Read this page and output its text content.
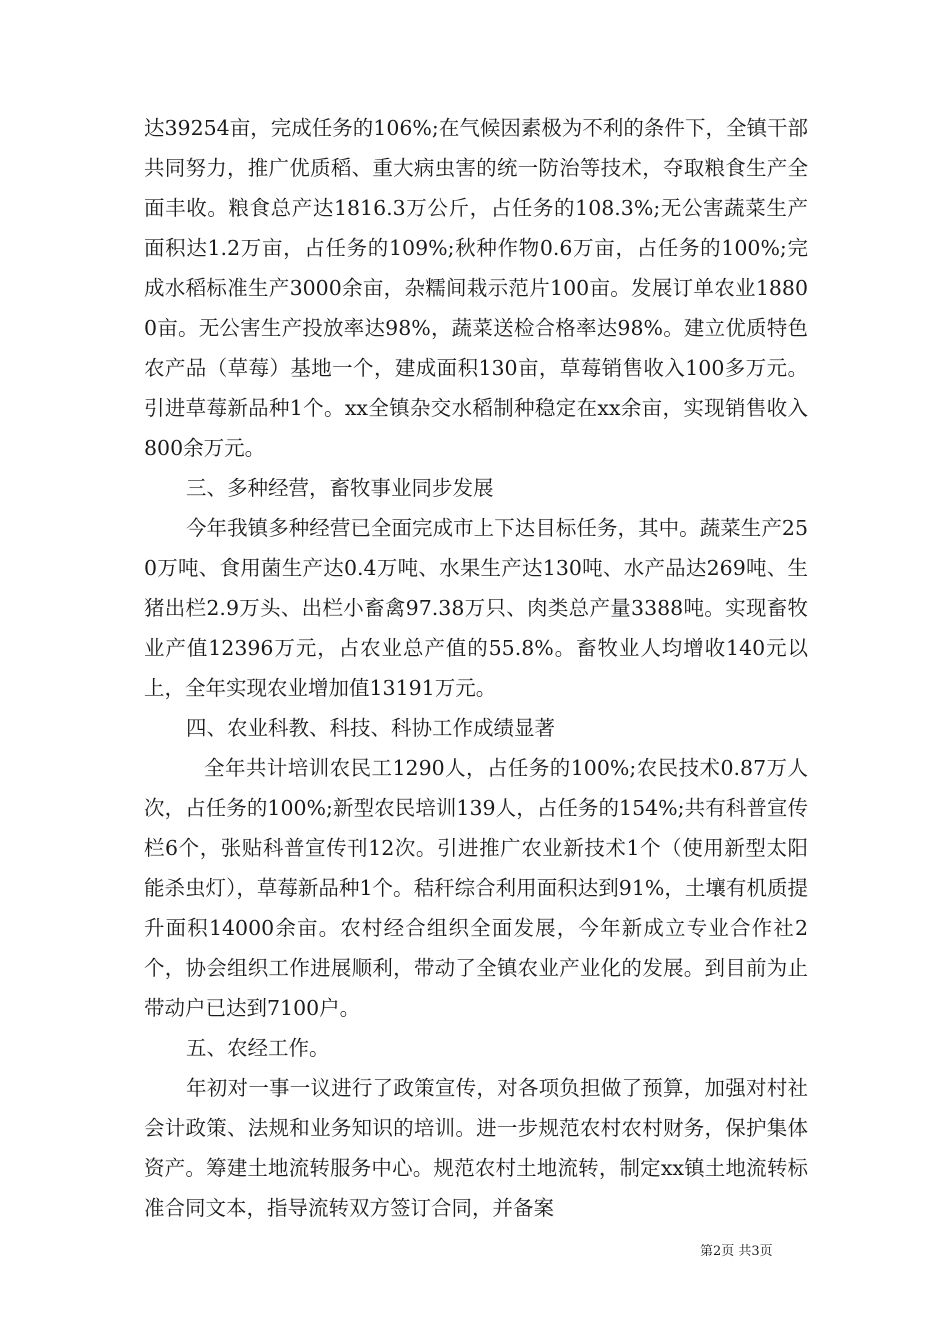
达39254亩，完成任务的106%;在气候因素极为不利的条件下，全镇干部共同努力，推广优质稻、重大病虫害的统一防治等技术，夺取粮食生产全面丰收。粮食总产达1816.3万公斤，占任务的108.3%;无公害蔬菜生产面积达1.2万亩，占任务的109%;秋种作物0.6万亩，占任务的100%;完成水稻标准生产3000余亩，杂糯间栽示范片100亩。发展订单农业18800亩。无公害生产投放率达98%，蔬菜送检合格率达98%。建立优质特色农产品（草莓）基地一个，建成面积130亩，草莓销售收入100多万元。引进草莓新品种1个。xx全镇杂交水稻制种稳定在xx余亩，实现销售收入800余万元。

三、多种经营，畜牧事业同步发展

今年我镇多种经营已全面完成市上下达目标任务，其中。蔬菜生产250万吨、食用菌生产达0.4万吨、水果生产达130吨、水产品达269吨、生猪出栏2.9万头、出栏小畜禽97.38万只、肉类总产量3388吨。实现畜牧业产值12396万元，占农业总产值的55.8%。畜牧业人均增收140元以上，全年实现农业增加值13191万元。

四、农业科教、科技、科协工作成绩显著

全年共计培训农民工1290人，占任务的100%;农民技术0.87万人次，占任务的100%;新型农民培训139人，占任务的154%;共有科普宣传栏6个，张贴科普宣传刊12次。引进推广农业新技术1个（使用新型太阳能杀虫灯），草莓新品种1个。秸秆综合利用面积达到91%，土壤有机质提升面积14000余亩。农村经合组织全面发展，今年新成立专业合作社2个，协会组织工作进展顺利，带动了全镇农业产业化的发展。到目前为止带动户已达到7100户。

五、农经工作。

年初对一事一议进行了政策宣传，对各项负担做了预算，加强对村社会计政策、法规和业务知识的培训。进一步规范农村农村财务，保护集体资产。筹建土地流转服务中心。规范农村土地流转，制定xx镇土地流转标准合同文本，指导流转双方签订合同，并备案

第2页 共3页
